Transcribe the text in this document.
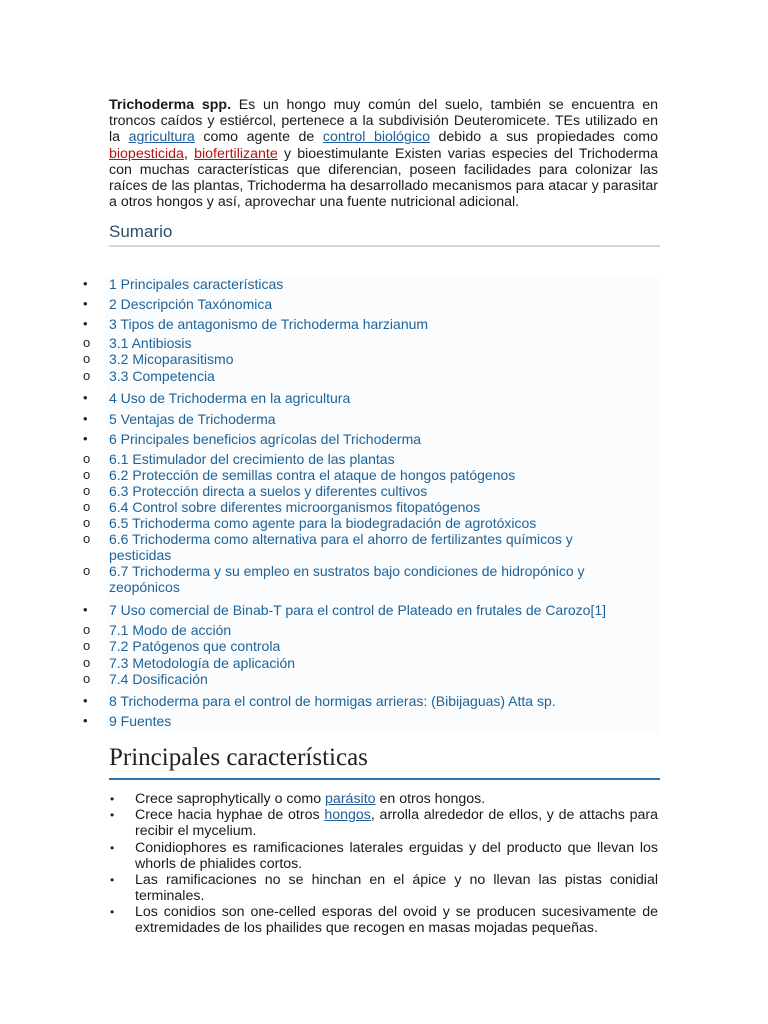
Trichoderma spp. Es un hongo muy común del suelo, también se encuentra en troncos caídos y estiércol, pertenece a la subdivisión Deuteromicete. TEs utilizado en la agricultura como agente de control biológico debido a sus propiedades como biopesticida, biofertilizante y bioestimulante Existen varias especies del Trichoderma con muchas características que diferencian, poseen facilidades para colonizar las raíces de las plantas, Trichoderma ha desarrollado mecanismos para atacar y parasitar a otros hongos y así, aprovechar una fuente nutricional adicional.
Sumario
• 1 Principales características
• 2 Descripción Taxónomica
• 3 Tipos de antagonismo de Trichoderma harzianum
o 3.1 Antibiosis
o 3.2 Micoparasitismo
o 3.3 Competencia
• 4 Uso de Trichoderma en la agricultura
• 5 Ventajas de Trichoderma
• 6 Principales beneficios agrícolas del Trichoderma
o 6.1 Estimulador del crecimiento de las plantas
o 6.2 Protección de semillas contra el ataque de hongos patógenos
o 6.3 Protección directa a suelos y diferentes cultivos
o 6.4 Control sobre diferentes microorganismos fitopatógenos
o 6.5 Trichoderma como agente para la biodegradación de agrotóxicos
o 6.6 Trichoderma como alternativa para el ahorro de fertilizantes químicos y pesticidas
o 6.7 Trichoderma y su empleo en sustratos bajo condiciones de hidropónico y zeopónicos
• 7 Uso comercial de Binab-T para el control de Plateado en frutales de Carozo[1]
o 7.1 Modo de acción
o 7.2 Patógenos que controla
o 7.3 Metodología de aplicación
o 7.4 Dosificación
• 8 Trichoderma para el control de hormigas arrieras: (Bibijaguas) Atta sp.
• 9 Fuentes
Principales características
• Crece saprophytically o como parásito en otros hongos.
• Crece hacia hyphae de otros hongos, arrolla alrededor de ellos, y de attachs para recibir el mycelium.
• Conidiophores es ramificaciones laterales erguidas y del producto que llevan los whorls de phialides cortos.
• Las ramificaciones no se hinchan en el ápice y no llevan las pistas conidial terminales.
• Los conidios son one-celled esporas del ovoid y se producen sucesivamente de extremidades de los phailides que recogen en masas mojadas pequeñas.
